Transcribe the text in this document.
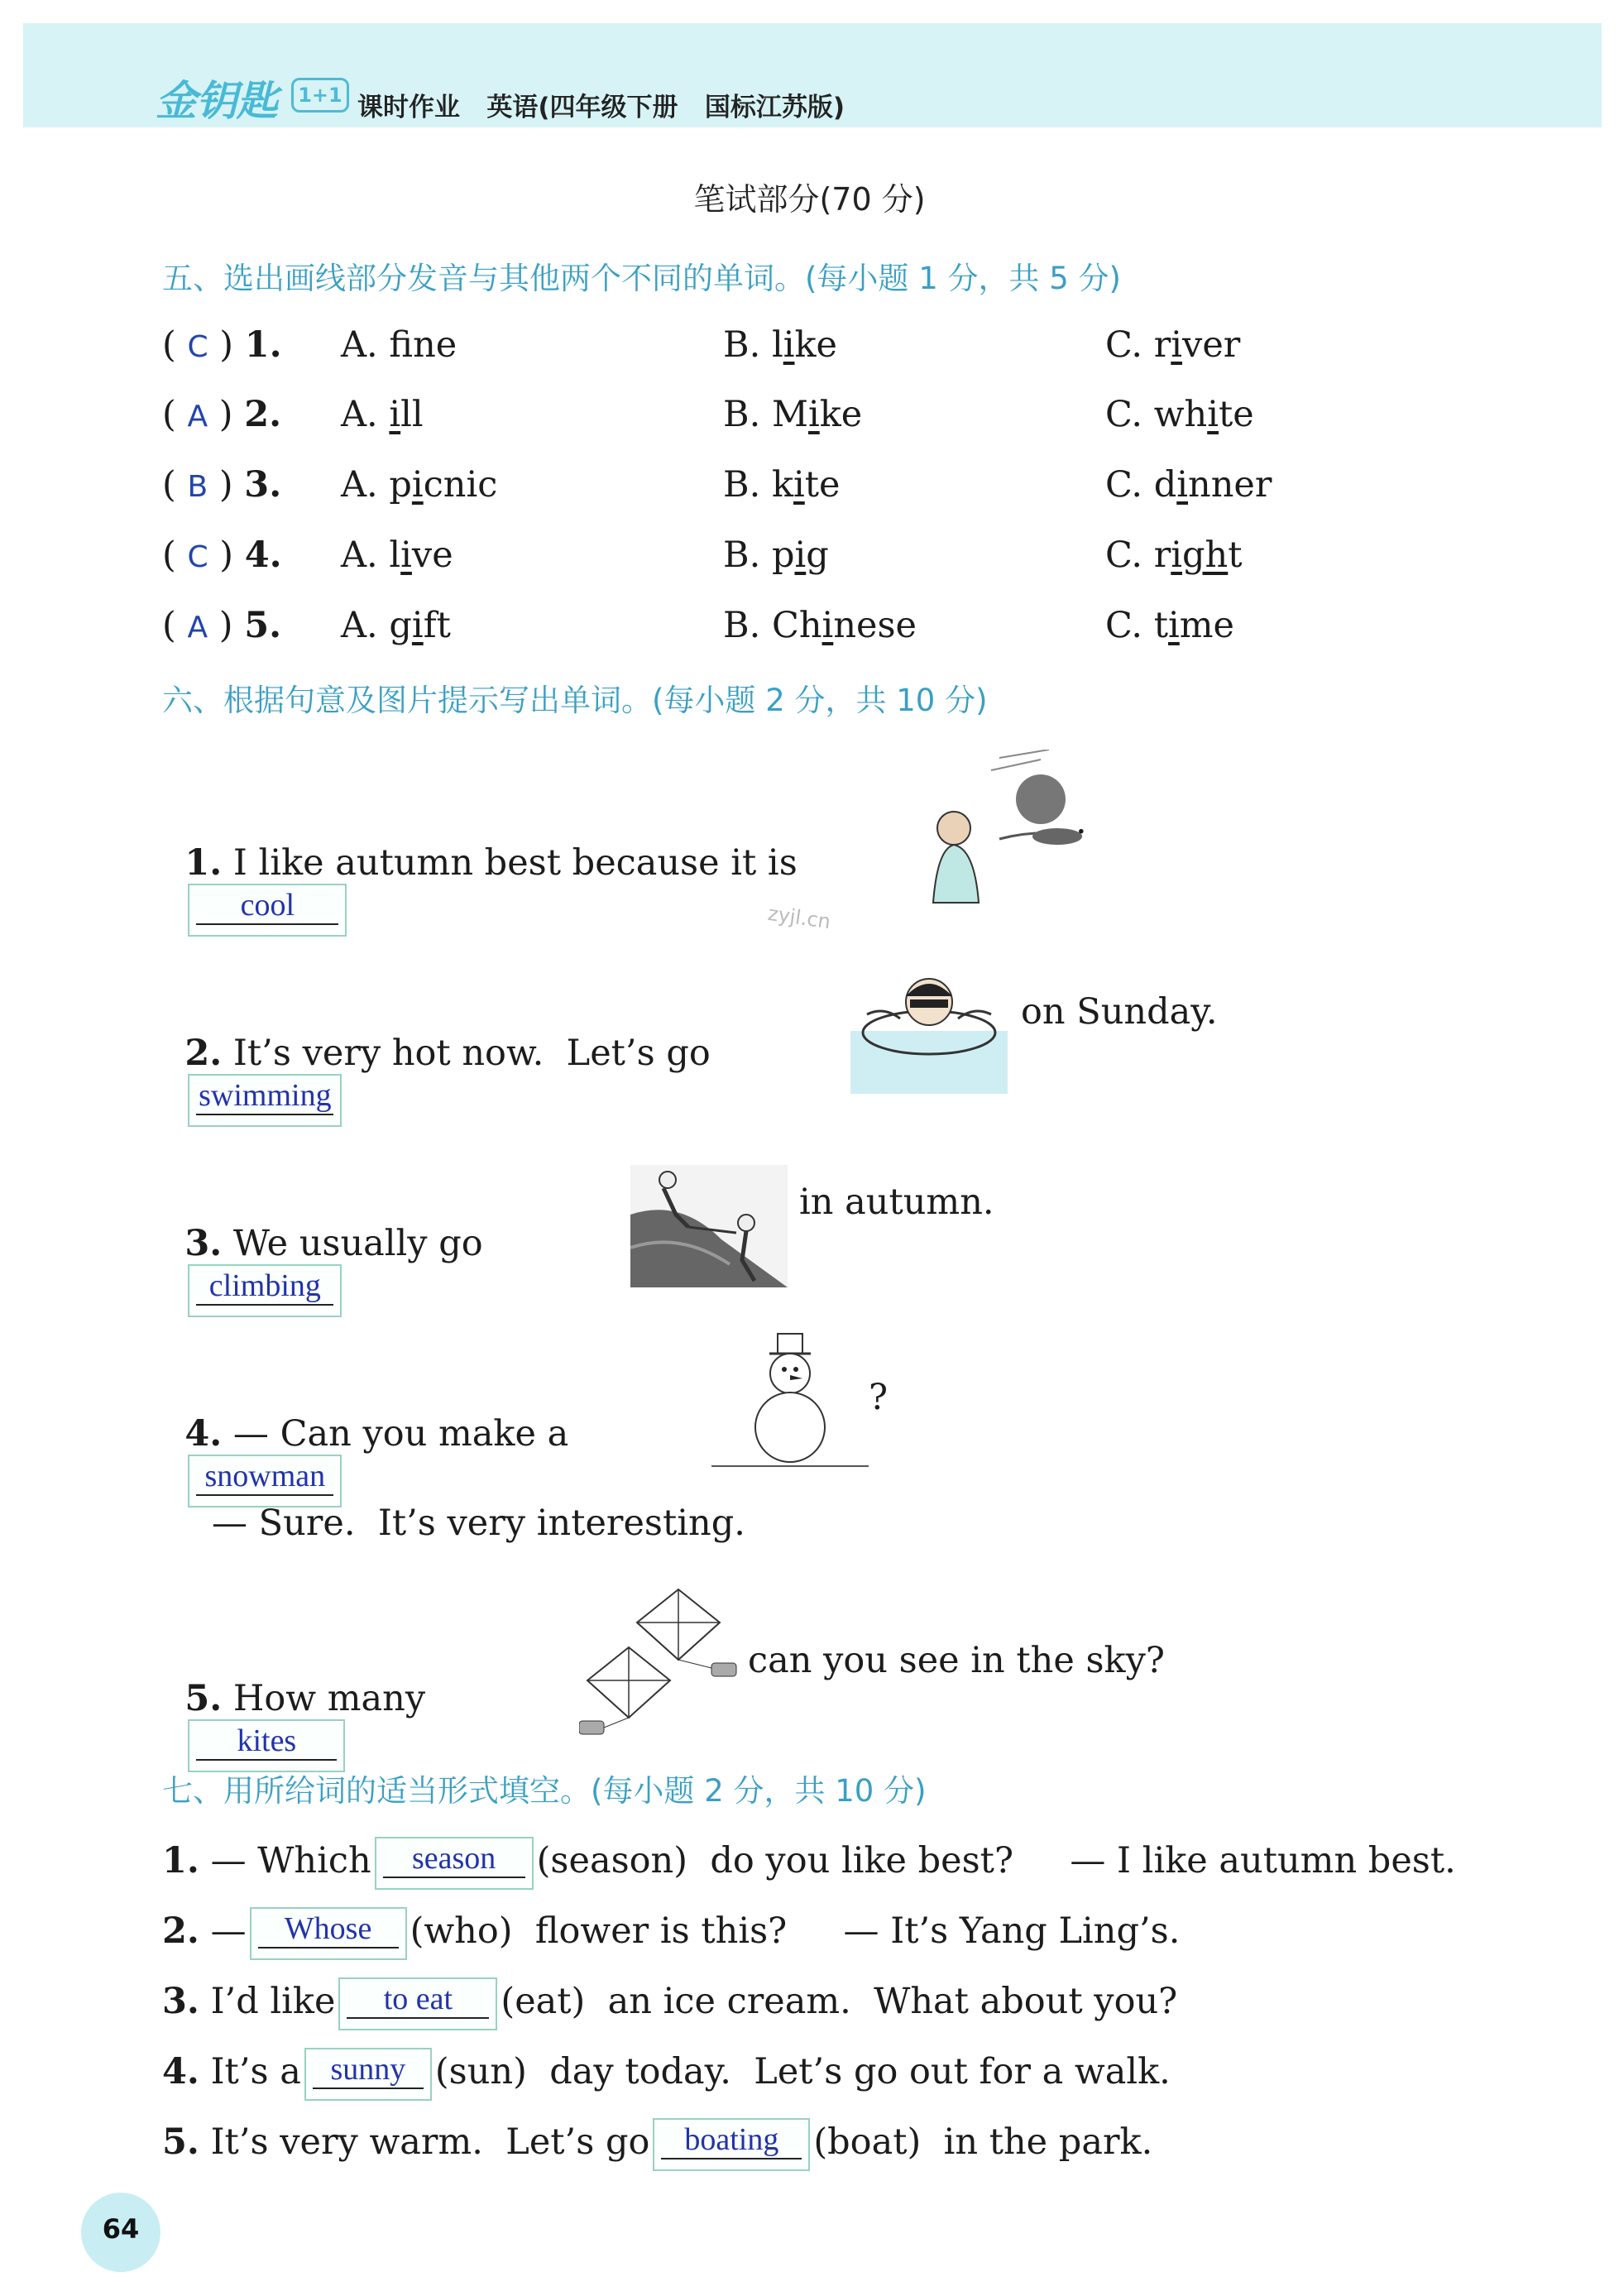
金钥匙	1+1 课时作业   英语(四年级下册   国标江苏版)
笔试部分(70 分)
五、选出画线部分发音与其他两个不同的单词。(每小题 1 分，共 5 分)
( C ) 1. A. fne	B. like	C. river
( A ) 2. A. ill	B. Mike	C. white
( B ) 3. A. picnic	B. kite	C. dinner
( C ) 4. A. live	B. pig	C. right
( A ) 5. A. gift	B. Chinese	C. time
六、根据句意及图片提示写出单词。(每小题 2 分，共 10 分)

1. I like autumn best because it is

cool

.
zyjl.cn

2. It’s very hot now.  Let’s go

swimming

on Sunday.

3. We usually go

climbing

in autumn.

4. — Can you make a

snowman

?
— Sure.  It’s very interesting.

5. How many

kites

can you see in the sky?
七、用所给词的适当形式填空。(每小题 2 分，共 10 分)
1. — Which	season	(season)  do you like best?     — I like autumn best.
2. —	Whose	(who)  flower is this?     — It’s Yang Ling’s.
3. I’d like	to eat	(eat)  an ice cream.  What about you?
4. It’s a sunny (sun)  day today.  Let’s go out for a walk.
5. It’s very warm.  Let’s go	boating (boat)  in the park.
64
